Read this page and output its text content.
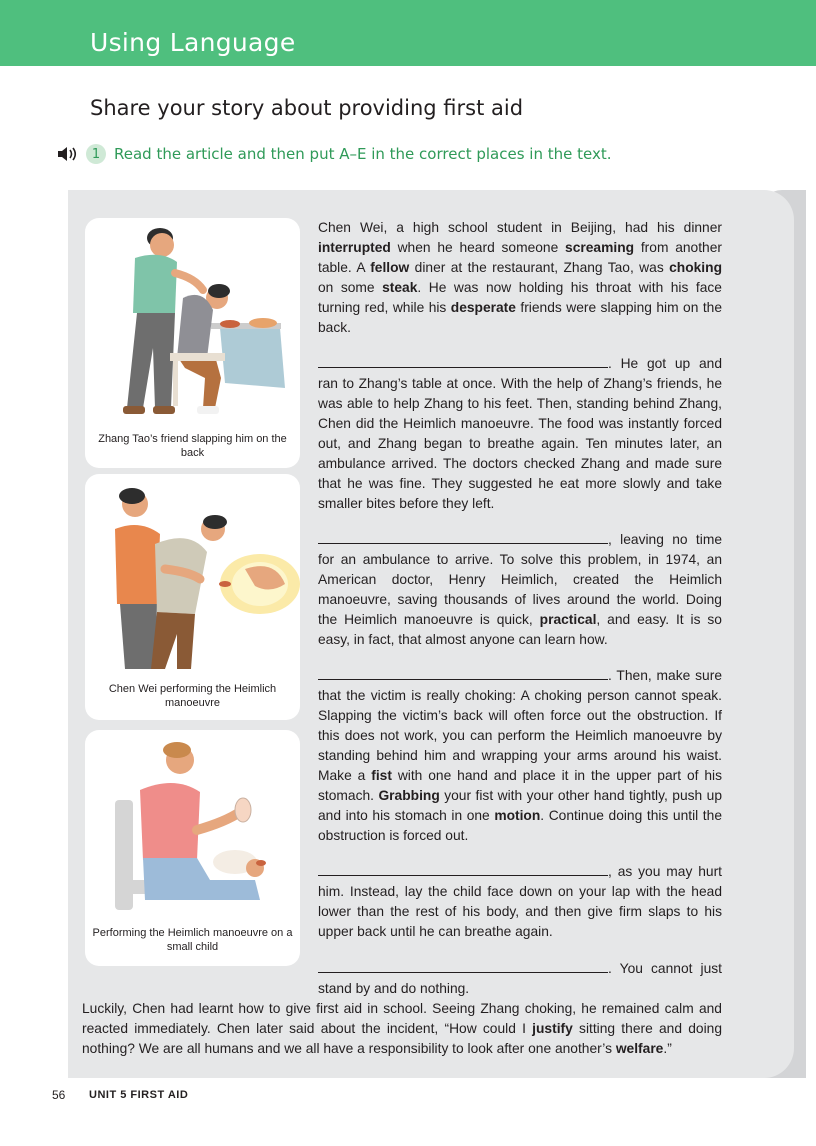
Using Language
Share your story about providing first aid
1 Read the article and then put A–E in the correct places in the text.
Zhang Tao’s friend slapping him on the back
Chen Wei performing the Heimlich manoeuvre
Performing the Heimlich manoeuvre on a small child

Chen Wei, a high school student in Beijing, had his dinner interrupted when he heard someone screaming from another table. A fellow diner at the restaurant, Zhang Tao, was choking on some steak. He was now holding his throat with his face turning red, while his desperate friends were slapping him on the back.

. He got up and ran to Zhang’s table at once. With the help of Zhang’s friends, he was able to help Zhang to his feet. Then, standing behind Zhang, Chen did the Heimlich manoeuvre. The food was instantly forced out, and Zhang began to breathe again. Ten minutes later, an ambulance arrived. The doctors checked Zhang and made sure that he was fine. They suggested he eat more slowly and take smaller bites before they left.

, leaving no time for an ambulance to arrive. To solve this problem, in 1974, an American doctor, Henry Heimlich, created the Heimlich manoeuvre, saving thousands of lives around the world. Doing the Heimlich manoeuvre is quick, practical, and easy. It is so easy, in fact, that almost anyone can learn how.

. Then, make sure that the victim is really choking: A choking person cannot speak. Slapping the victim’s back will often force out the obstruction. If this does not work, you can perform the Heimlich manoeuvre by standing behind him and wrapping your arms around his waist. Make a fist with one hand and place it in the upper part of his stomach. Grabbing your fist with your other hand tightly, push up and into his stomach in one motion. Continue doing this until the obstruction is forced out.

, as you may hurt him. Instead, lay the child face down on your lap with the head lower than the rest of his body, and then give firm slaps to his upper back until he can breathe again.

. You cannot just stand by and do nothing.
Luckily, Chen had learnt how to give first aid in school. Seeing Zhang choking, he remained calm and reacted immediately. Chen later said about the incident, “How could I justify sitting there and doing nothing? We are all humans and we all have a responsibility to look after one another’s welfare.”
56 UNIT 5 FIRST AID
